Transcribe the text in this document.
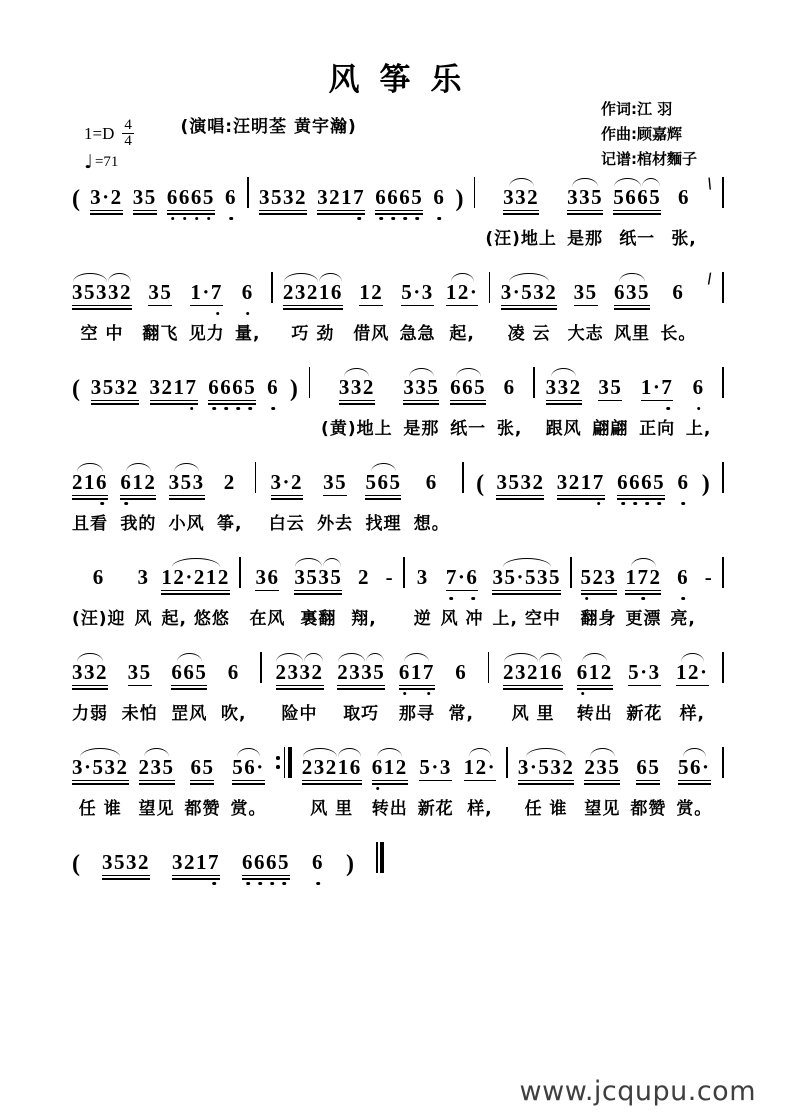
风筝乐
(演唱:汪明荃 黄宇瀚)
作词:江 羽
作曲:顾嘉辉
记谱:棺材麵子
$1=D \frac{4}{4}$
♩ =71
( 3·2 35 6665 6 3532 3217 6665 6 ) 332
(汪)地上
335
是那
5665
纸一
6
张,
\
35332
空 中
35
翻飞
1·7
见力
6
量,
23216
巧 劲
12
借风
5·3
急急
12·
起,
3·532
凌 云
35
大志
635
风里
6
长。
/
( 3532 3217 6665 6 ) 332
(黄)地上
335
是那
665
纸一
6
张,
332
跟风
35
翩翩
1·7
正向
6
上,
216
且看
612
我的
353
小风
2
筝,
3·2
白云
35
外去
565
找理
6
想。
( 3532 3217 6665 6 )
6
(汪)迎
3
风
12·212
起, 悠悠
36
在风
3535
裏翻
2
翔,
- 3
逆
7·6
风 冲
35·535
上, 空中
523
翻身
172
更漂
6
亮,
-
332
力弱
35
未怕
665
罡风
6
吹,
2332
险中
2335
取巧
617
那寻
6
常,
23216
风 里
612
转出
5·3
新花
12·
样,
3·532
任 谁
235
望见
65
都赞
56·
赏。
23216
风 里
612
转出
5·3
新花
12·
样,
3·532
任 谁
235
望见
65
都赞
56·
赏。
( 3532 3217 6665 6 )
www.jcqupu.com
